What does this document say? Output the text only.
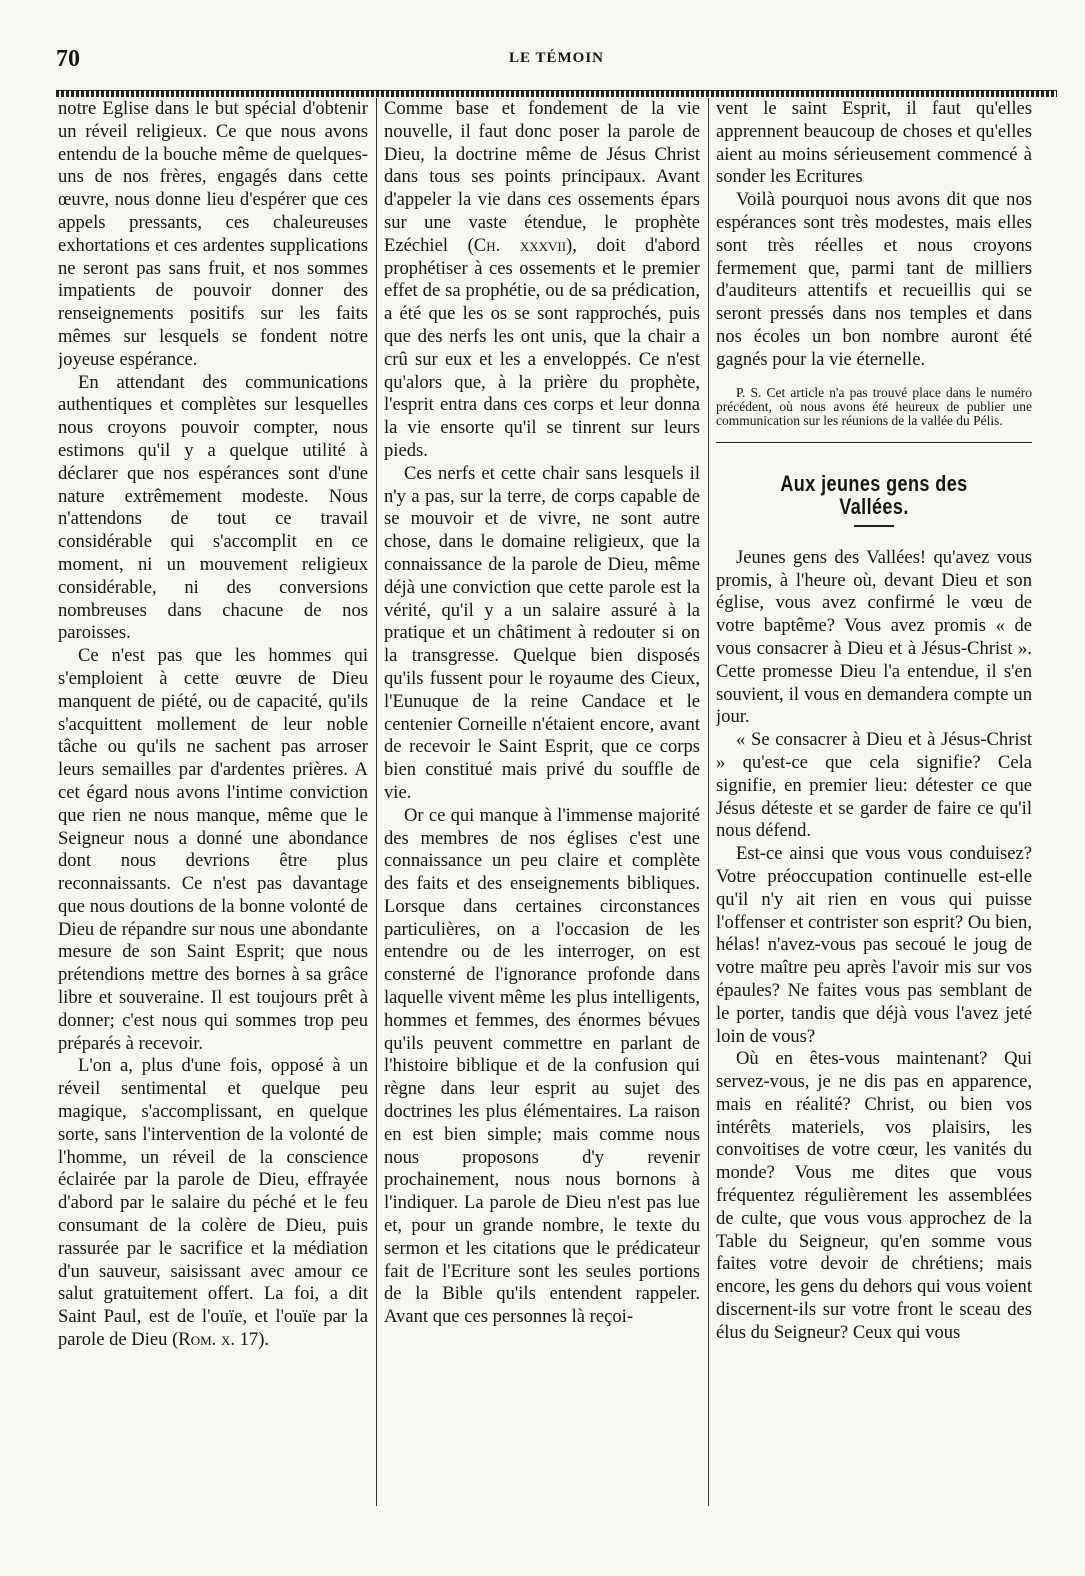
70	LE TÉMOIN

notre Eglise dans le but spécial d'obtenir un réveil religieux. Ce que nous avons entendu de la bouche même de quelques-uns de nos frères, engagés dans cette œuvre, nous donne lieu d'espérer que ces appels pressants, ces chaleureuses exhortations et ces ardentes supplications ne seront pas sans fruit, et nos sommes impatients de pouvoir donner des renseignements positifs sur les faits mêmes sur lesquels se fondent notre joyeuse espérance.

En attendant des communications authentiques et complètes sur lesquelles nous croyons pouvoir compter, nous estimons qu'il y a quelque utilité à déclarer que nos espérances sont d'une nature extrêmement modeste. Nous n'attendons de tout ce travail considérable qui s'accomplit en ce moment, ni un mouvement religieux considérable, ni des conversions nombreuses dans chacune de nos paroisses.

Ce n'est pas que les hommes qui s'emploient à cette œuvre de Dieu manquent de piété, ou de capacité, qu'ils s'acquittent mollement de leur noble tâche ou qu'ils ne sachent pas arroser leurs semailles par d'ardentes prières. A cet égard nous avons l'intime conviction que rien ne nous manque, même que le Seigneur nous a donné une abondance dont nous devrions être plus reconnaissants. Ce n'est pas davantage que nous doutions de la bonne volonté de Dieu de répandre sur nous une abondante mesure de son Saint Esprit; que nous prétendions mettre des bornes à sa grâce libre et souveraine. Il est toujours prêt à donner; c'est nous qui sommes trop peu préparés à recevoir.

L'on a, plus d'une fois, opposé à un réveil sentimental et quelque peu magique, s'accomplissant, en quelque sorte, sans l'intervention de la volonté de l'homme, un réveil de la conscience éclairée par la parole de Dieu, effrayée d'abord par le salaire du péché et le feu consumant de la colère de Dieu, puis rassurée par le sacrifice et la médiation d'un sauveur, saisissant avec amour ce salut gratuitement offert. La foi, a dit Saint Paul, est de l'ouïe, et l'ouïe par la parole de Dieu (Rom. x. 17).

Comme base et fondement de la vie nouvelle, il faut donc poser la parole de Dieu, la doctrine même de Jésus Christ dans tous ses points principaux. Avant d'appeler la vie dans ces ossements épars sur une vaste étendue, le prophète Ezéchiel (Ch. xxxvii), doit d'abord prophétiser à ces ossements et le premier effet de sa prophétie, ou de sa prédication, a été que les os se sont rapprochés, puis que des nerfs les ont unis, que la chair a crû sur eux et les a enveloppés. Ce n'est qu'alors que, à la prière du prophète, l'esprit entra dans ces corps et leur donna la vie ensorte qu'il se tinrent sur leurs pieds.

Ces nerfs et cette chair sans lesquels il n'y a pas, sur la terre, de corps capable de se mouvoir et de vivre, ne sont autre chose, dans le domaine religieux, que la connaissance de la parole de Dieu, même déjà une conviction que cette parole est la vérité, qu'il y a un salaire assuré à la pratique et un châtiment à redouter si on la transgresse. Quelque bien disposés qu'ils fussent pour le royaume des Cieux, l'Eunuque de la reine Candace et le centenier Corneille n'étaient encore, avant de recevoir le Saint Esprit, que ce corps bien constitué mais privé du souffle de vie.

Or ce qui manque à l'immense majorité des membres de nos églises c'est une connaissance un peu claire et complète des faits et des enseignements bibliques. Lorsque dans certaines circonstances particulières, on a l'occasion de les entendre ou de les interroger, on est consterné de l'ignorance profonde dans laquelle vivent même les plus intelligents, hommes et femmes, des énormes bévues qu'ils peuvent commettre en parlant de l'histoire biblique et de la confusion qui règne dans leur esprit au sujet des doctrines les plus élémentaires. La raison en est bien simple; mais comme nous nous proposons d'y revenir prochainement, nous nous bornons à l'indiquer. La parole de Dieu n'est pas lue et, pour un grande nombre, le texte du sermon et les citations que le prédicateur fait de l'Ecriture sont les seules portions de la Bible qu'ils entendent rappeler. Avant que ces personnes là reçoi-

vent le saint Esprit, il faut qu'elles apprennent beaucoup de choses et qu'elles aient au moins sérieusement commencé à sonder les Ecritures

Voilà pourquoi nous avons dit que nos espérances sont très modestes, mais elles sont très réelles et nous croyons fermement que, parmi tant de milliers d'auditeurs attentifs et recueillis qui se seront pressés dans nos temples et dans nos écoles un bon nombre auront été gagnés pour la vie éternelle.

P. S. Cet article n'a pas trouvé place dans le numéro précédent, où nous avons été heureux de publier une communication sur les réunions de la vallée du Pélis.

Aux jeunes gens des Vallées.

Jeunes gens des Vallées! qu'avez vous promis, à l'heure où, devant Dieu et son église, vous avez confirmé le vœu de votre baptême? Vous avez promis « de vous consacrer à Dieu et à Jésus-Christ ». Cette promesse Dieu l'a entendue, il s'en souvient, il vous en demandera compte un jour.

« Se consacrer à Dieu et à Jésus-Christ » qu'est-ce que cela signifie? Cela signifie, en premier lieu: détester ce que Jésus déteste et se garder de faire ce qu'il nous défend.

Est-ce ainsi que vous vous conduisez? Votre préoccupation continuelle est-elle qu'il n'y ait rien en vous qui puisse l'offenser et contrister son esprit? Ou bien, hélas! n'avez-vous pas secoué le joug de votre maître peu après l'avoir mis sur vos épaules? Ne faites vous pas semblant de le porter, tandis que déjà vous l'avez jeté loin de vous?

Où en êtes-vous maintenant? Qui servez-vous, je ne dis pas en apparence, mais en réalité? Christ, ou bien vos intérêts materiels, vos plaisirs, les convoitises de votre cœur, les vanités du monde? Vous me dites que vous fréquentez régulièrement les assemblées de culte, que vous vous approchez de la Table du Seigneur, qu'en somme vous faites votre devoir de chrétiens; mais encore, les gens du dehors qui vous voient discernent-ils sur votre front le sceau des élus du Seigneur? Ceux qui vous
